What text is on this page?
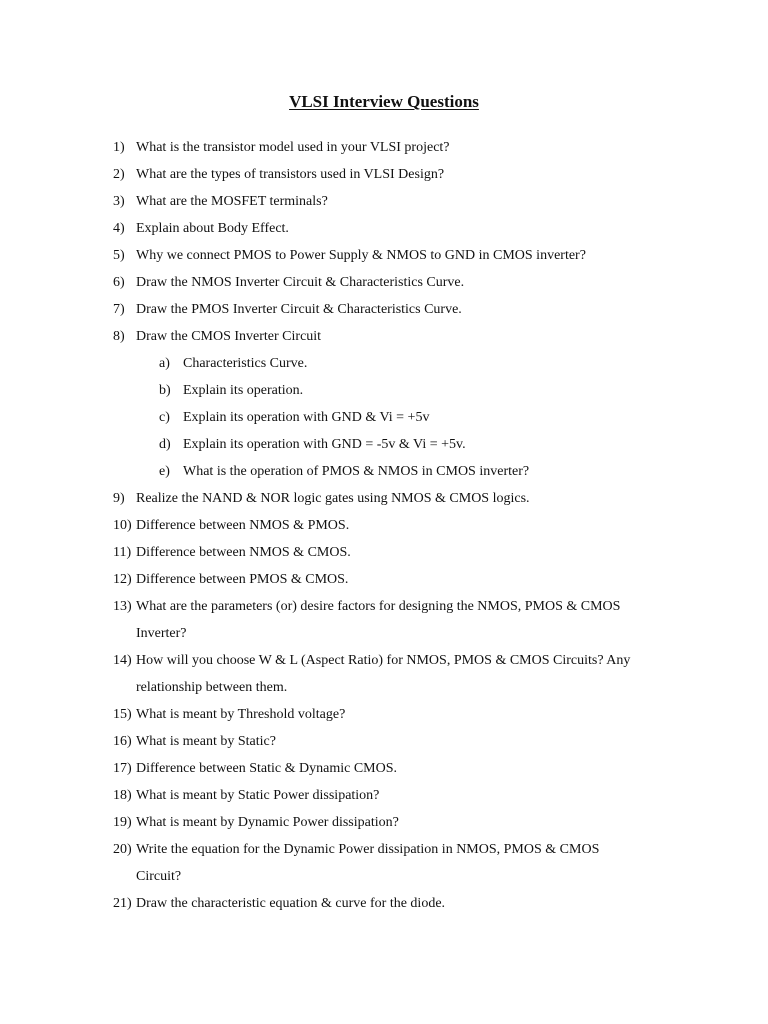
VLSI Interview Questions
1) What is the transistor model used in your VLSI project?
2) What are the types of transistors used in VLSI Design?
3) What are the MOSFET terminals?
4) Explain about Body Effect.
5) Why we connect PMOS to Power Supply & NMOS to GND in CMOS inverter?
6) Draw the NMOS Inverter Circuit & Characteristics Curve.
7) Draw the PMOS Inverter Circuit & Characteristics Curve.
8) Draw the CMOS Inverter Circuit
a) Characteristics Curve.
b) Explain its operation.
c) Explain its operation with GND & Vi = +5v
d) Explain its operation with GND = -5v & Vi = +5v.
e) What is the operation of PMOS & NMOS in CMOS inverter?
9) Realize the NAND & NOR logic gates using NMOS & CMOS logics.
10) Difference between NMOS & PMOS.
11) Difference between NMOS & CMOS.
12) Difference between PMOS & CMOS.
13) What are the parameters (or) desire factors for designing the NMOS, PMOS & CMOS
Inverter?
14) How will you choose W & L (Aspect Ratio) for NMOS, PMOS & CMOS Circuits? Any
relationship between them.
15) What is meant by Threshold voltage?
16) What is meant by Static?
17) Difference between Static & Dynamic CMOS.
18) What is meant by Static Power dissipation?
19) What is meant by Dynamic Power dissipation?
20) Write the equation for the Dynamic Power dissipation in NMOS, PMOS & CMOS
Circuit?
21) Draw the characteristic equation & curve for the diode.
